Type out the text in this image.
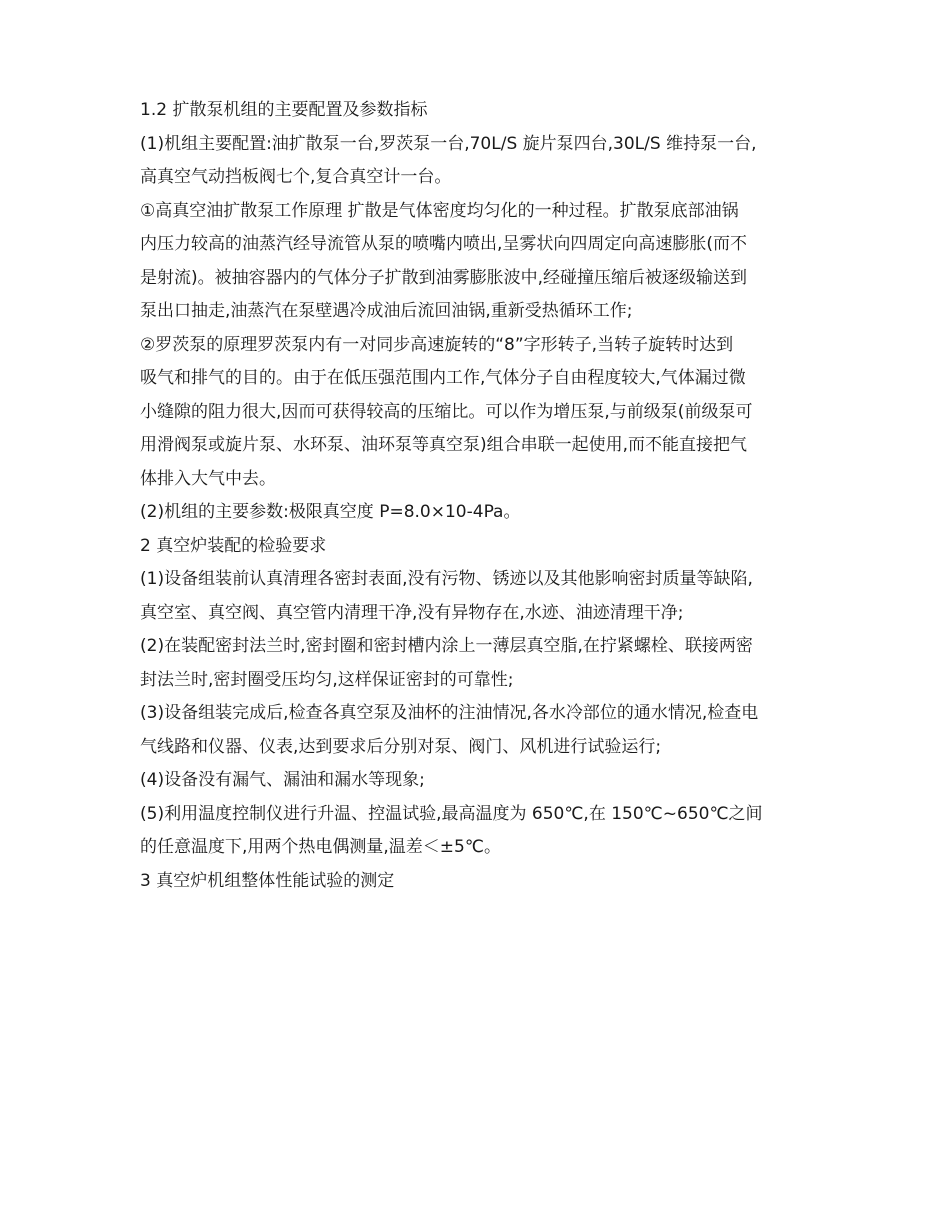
1.2 扩散泵机组的主要配置及参数指标

(1)机组主要配置:油扩散泵一台,罗茨泵一台,70L/S 旋片泵四台,30L/S 维持泵一台,
高真空气动挡板阀七个,复合真空计一台。

①高真空油扩散泵工作原理 扩散是气体密度均匀化的一种过程。扩散泵底部油锅
内压力较高的油蒸汽经导流管从泵的喷嘴内喷出,呈雾状向四周定向高速膨胀(而不
是射流)。被抽容器内的气体分子扩散到油雾膨胀波中,经碰撞压缩后被逐级输送到
泵出口抽走,油蒸汽在泵壁遇冷成油后流回油锅,重新受热循环工作;

②罗茨泵的原理罗茨泵内有一对同步高速旋转的“8”字形转子,当转子旋转时达到
吸气和排气的目的。由于在低压强范围内工作,气体分子自由程度较大,气体漏过微
小缝隙的阻力很大,因而可获得较高的压缩比。可以作为增压泵,与前级泵(前级泵可
用滑阀泵或旋片泵、水环泵、油环泵等真空泵)组合串联一起使用,而不能直接把气
体排入大气中去。

(2)机组的主要参数:极限真空度 P=8.0×10-4Pa。

2 真空炉装配的检验要求

(1)设备组装前认真清理各密封表面,没有污物、锈迹以及其他影响密封质量等缺陷,
真空室、真空阀、真空管内清理干净,没有异物存在,水迹、油迹清理干净;

(2)在装配密封法兰时,密封圈和密封槽内涂上一薄层真空脂,在拧紧螺栓、联接两密
封法兰时,密封圈受压均匀,这样保证密封的可靠性;

(3)设备组装完成后,检查各真空泵及油杯的注油情况,各水冷部位的通水情况,检查电
气线路和仪器、仪表,达到要求后分别对泵、阀门、风机进行试验运行;

(4)设备没有漏气、漏油和漏水等现象;

(5)利用温度控制仪进行升温、控温试验,最高温度为 650℃,在 150℃~650℃之间
的任意温度下,用两个热电偶测量,温差＜±5℃。

3 真空炉机组整体性能试验的测定
